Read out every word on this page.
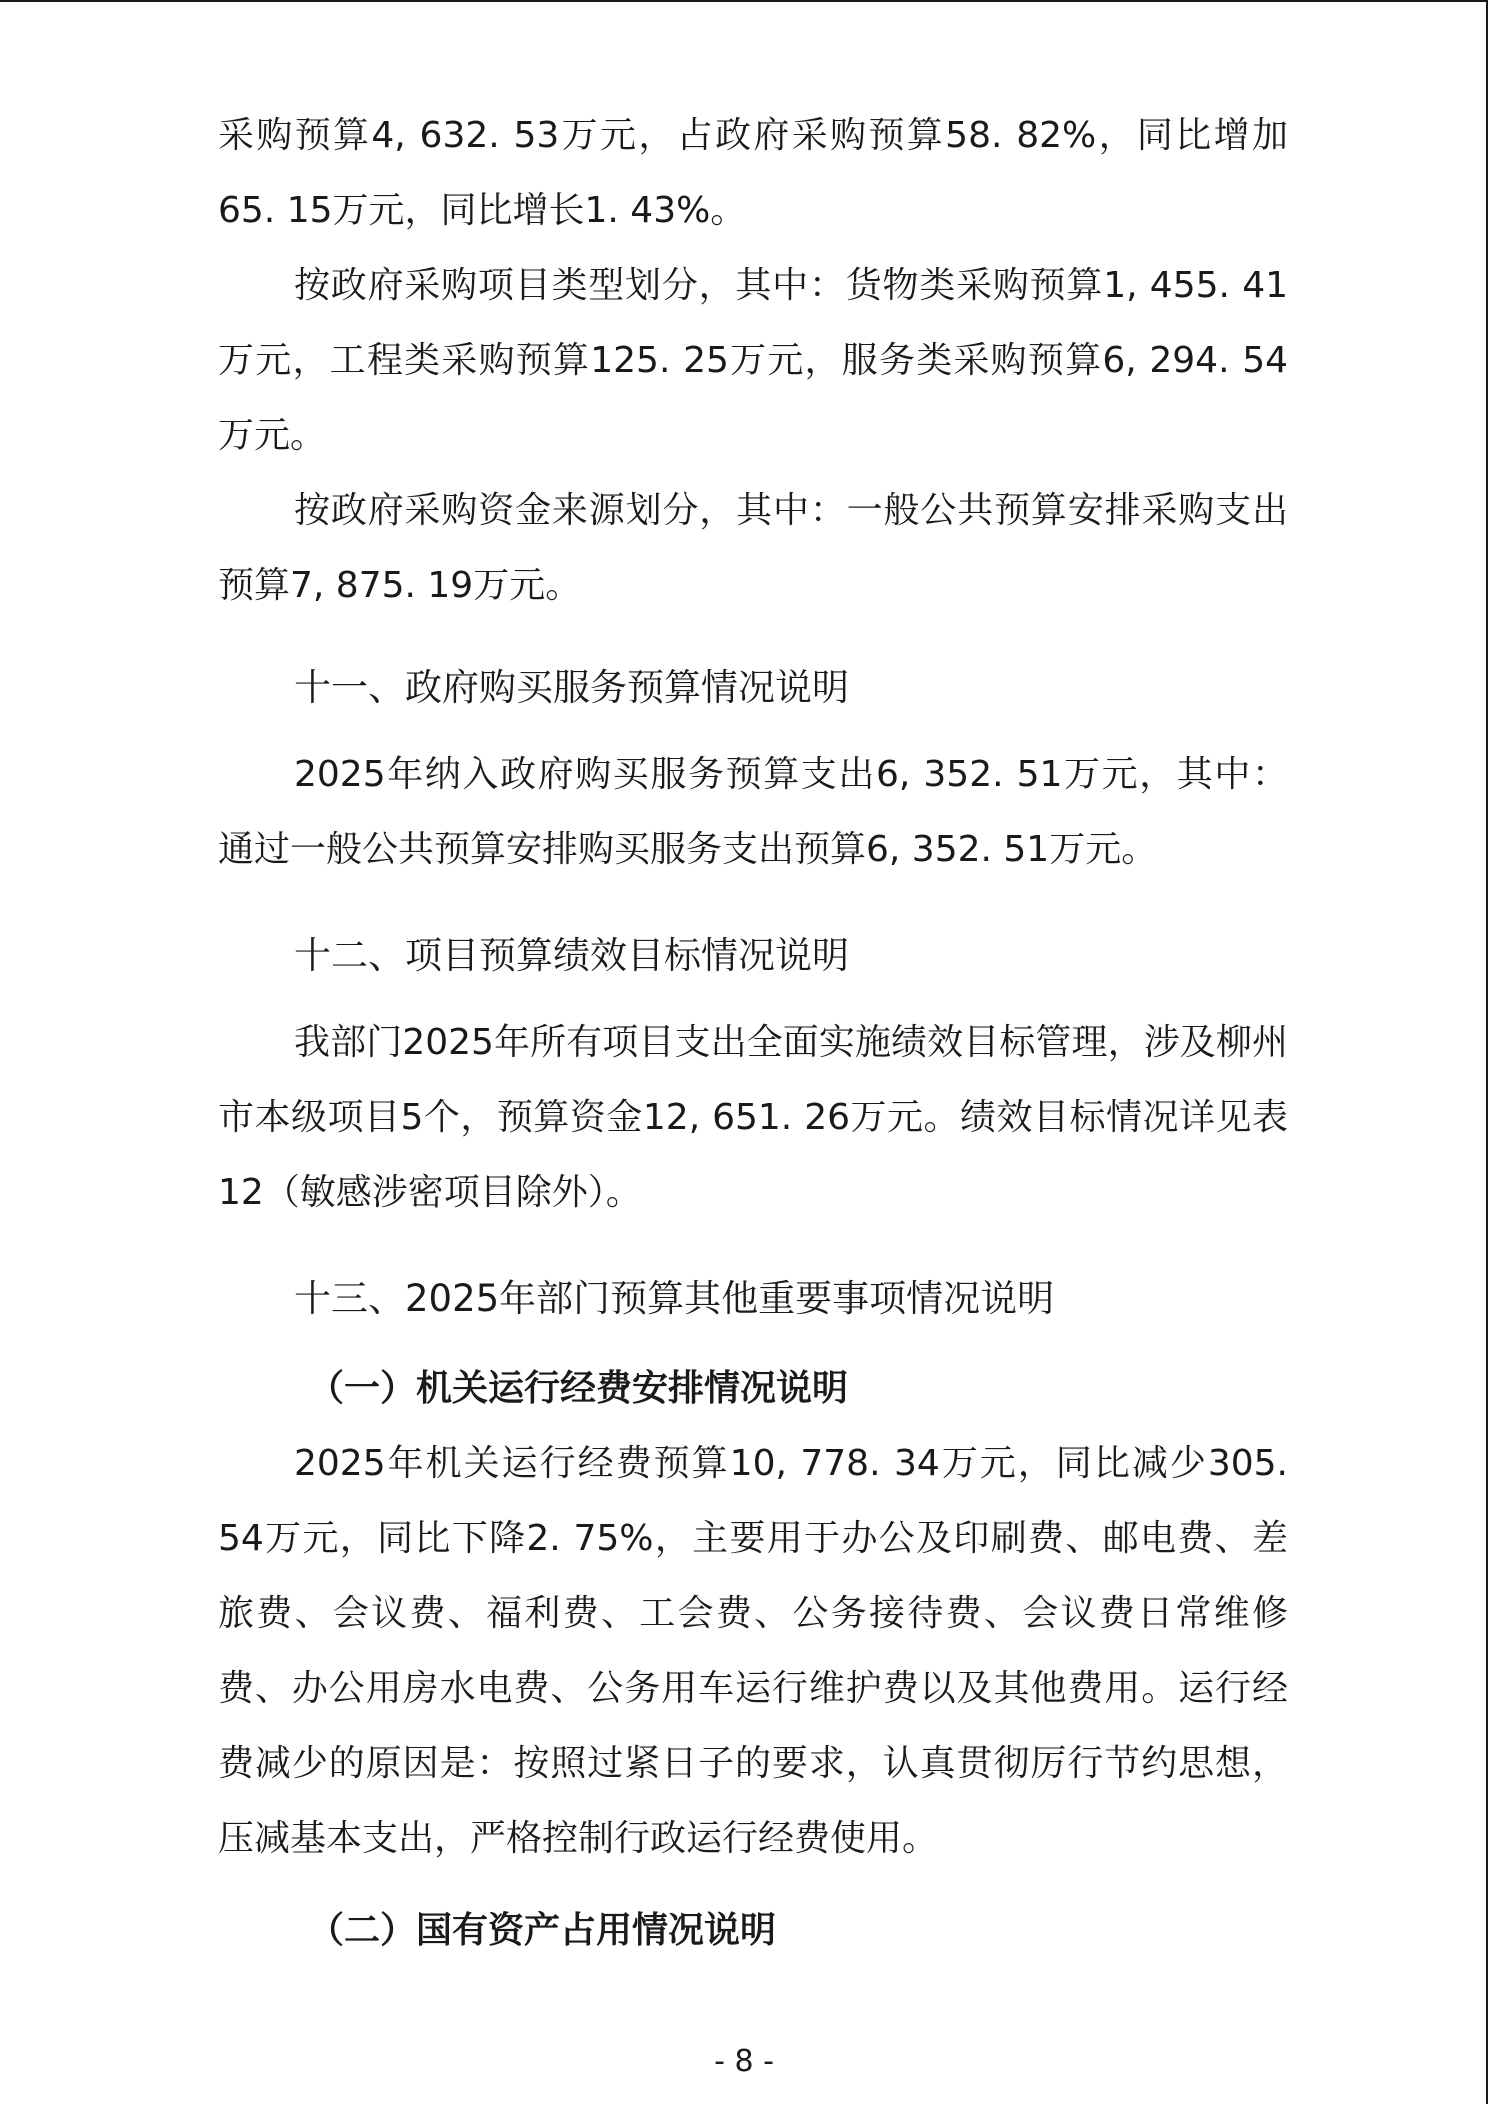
采购预算4, 632. 53万元，占政府采购预算58. 82%，同比增加65. 15万元，同比增长1. 43%。

按政府采购项目类型划分，其中：货物类采购预算1, 455. 41万元，工程类采购预算125. 25万元，服务类采购预算6, 294. 54万元。

按政府采购资金来源划分，其中：一般公共预算安排采购支出预算7, 875. 19万元。

十一、政府购买服务预算情况说明

2025年纳入政府购买服务预算支出6, 352. 51万元，其中：通过一般公共预算安排购买服务支出预算6, 352. 51万元。

十二、项目预算绩效目标情况说明

我部门2025年所有项目支出全面实施绩效目标管理，涉及柳州市本级项目5个，预算资金12, 651. 26万元。绩效目标情况详见表12（敏感涉密项目除外）。

十三、2025年部门预算其他重要事项情况说明
（一）机关运行经费安排情况说明

2025年机关运行经费预算10, 778. 34万元，同比减少305. 54万元，同比下降2. 75%，主要用于办公及印刷费、邮电费、差旅费、会议费、福利费、工会费、公务接待费、会议费日常维修费、办公用房水电费、公务用车运行维护费以及其他费用。运行经费减少的原因是：按照过紧日子的要求，认真贯彻厉行节约思想，压减基本支出，严格控制行政运行经费使用。

（二）国有资产占用情况说明
- 8 -
